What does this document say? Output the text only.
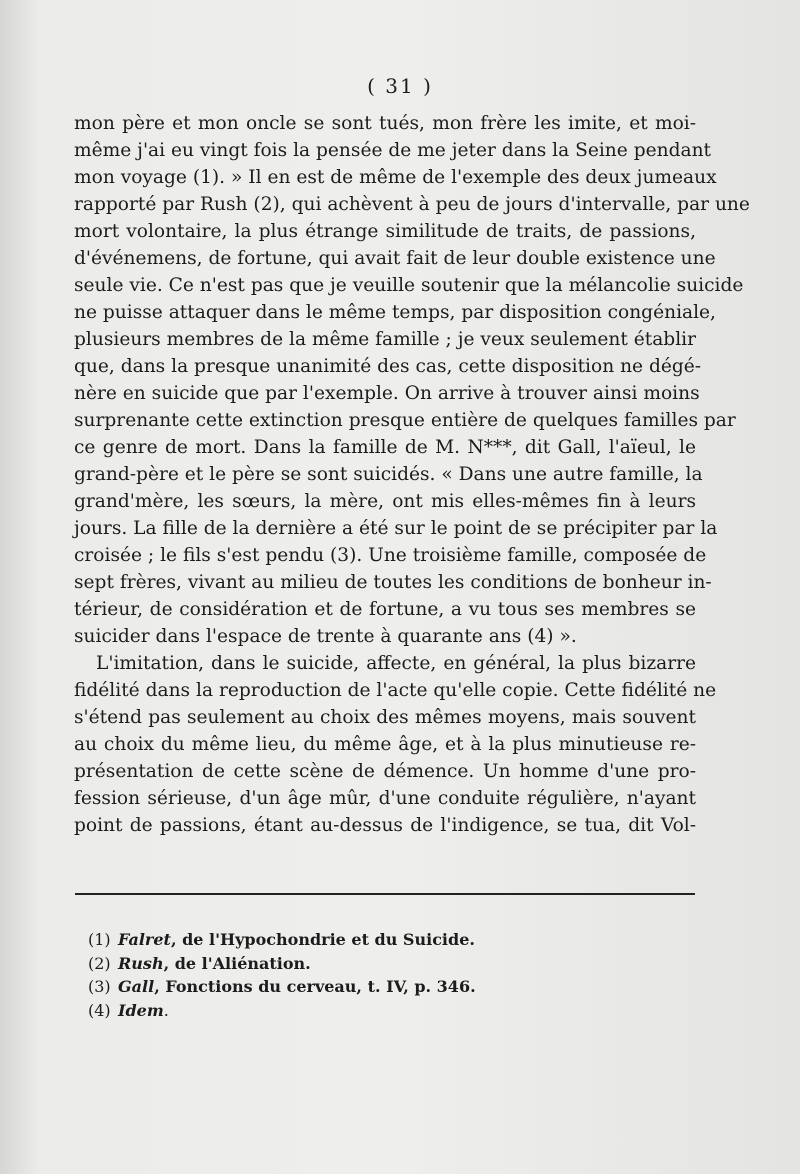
( 31 )
mon père et mon oncle se sont tués, mon frère les imite, et moi-
même j'ai eu vingt fois la pensée de me jeter dans la Seine pendant
mon voyage (1). » Il en est de même de l'exemple des deux jumeaux
rapporté par Rush (2), qui achèvent à peu de jours d'intervalle, par une
mort volontaire, la plus étrange similitude de traits, de passions,
d'événemens, de fortune, qui avait fait de leur double existence une
seule vie. Ce n'est pas que je veuille soutenir que la mélancolie suicide
ne puisse attaquer dans le même temps, par disposition congéniale,
plusieurs membres de la même famille ; je veux seulement établir
que, dans la presque unanimité des cas, cette disposition ne dégé-
nère en suicide que par l'exemple. On arrive à trouver ainsi moins
surprenante cette extinction presque entière de quelques familles par
ce genre de mort. Dans la famille de M. N***, dit Gall, l'aïeul, le
grand-père et le père se sont suicidés. « Dans une autre famille, la
grand'mère, les sœurs, la mère, ont mis elles-mêmes fin à leurs
jours. La fille de la dernière a été sur le point de se précipiter par la
croisée ; le fils s'est pendu (3). Une troisième famille, composée de
sept frères, vivant au milieu de toutes les conditions de bonheur in-
térieur, de considération et de fortune, a vu tous ses membres se
suicider dans l'espace de trente à quarante ans (4) ».
L'imitation, dans le suicide, affecte, en général, la plus bizarre
fidélité dans la reproduction de l'acte qu'elle copie. Cette fidélité ne
s'étend pas seulement au choix des mêmes moyens, mais souvent
au choix du même lieu, du même âge, et à la plus minutieuse re-
présentation de cette scène de démence. Un homme d'une pro-
fession sérieuse, d'un âge mûr, d'une conduite régulière, n'ayant
point de passions, étant au-dessus de l'indigence, se tua, dit Vol-
(1) Falret, de l'Hypochondrie et du Suicide.
(2) Rush, de l'Aliénation.
(3) Gall, Fonctions du cerveau, t. IV, p. 346.
(4) Idem.
